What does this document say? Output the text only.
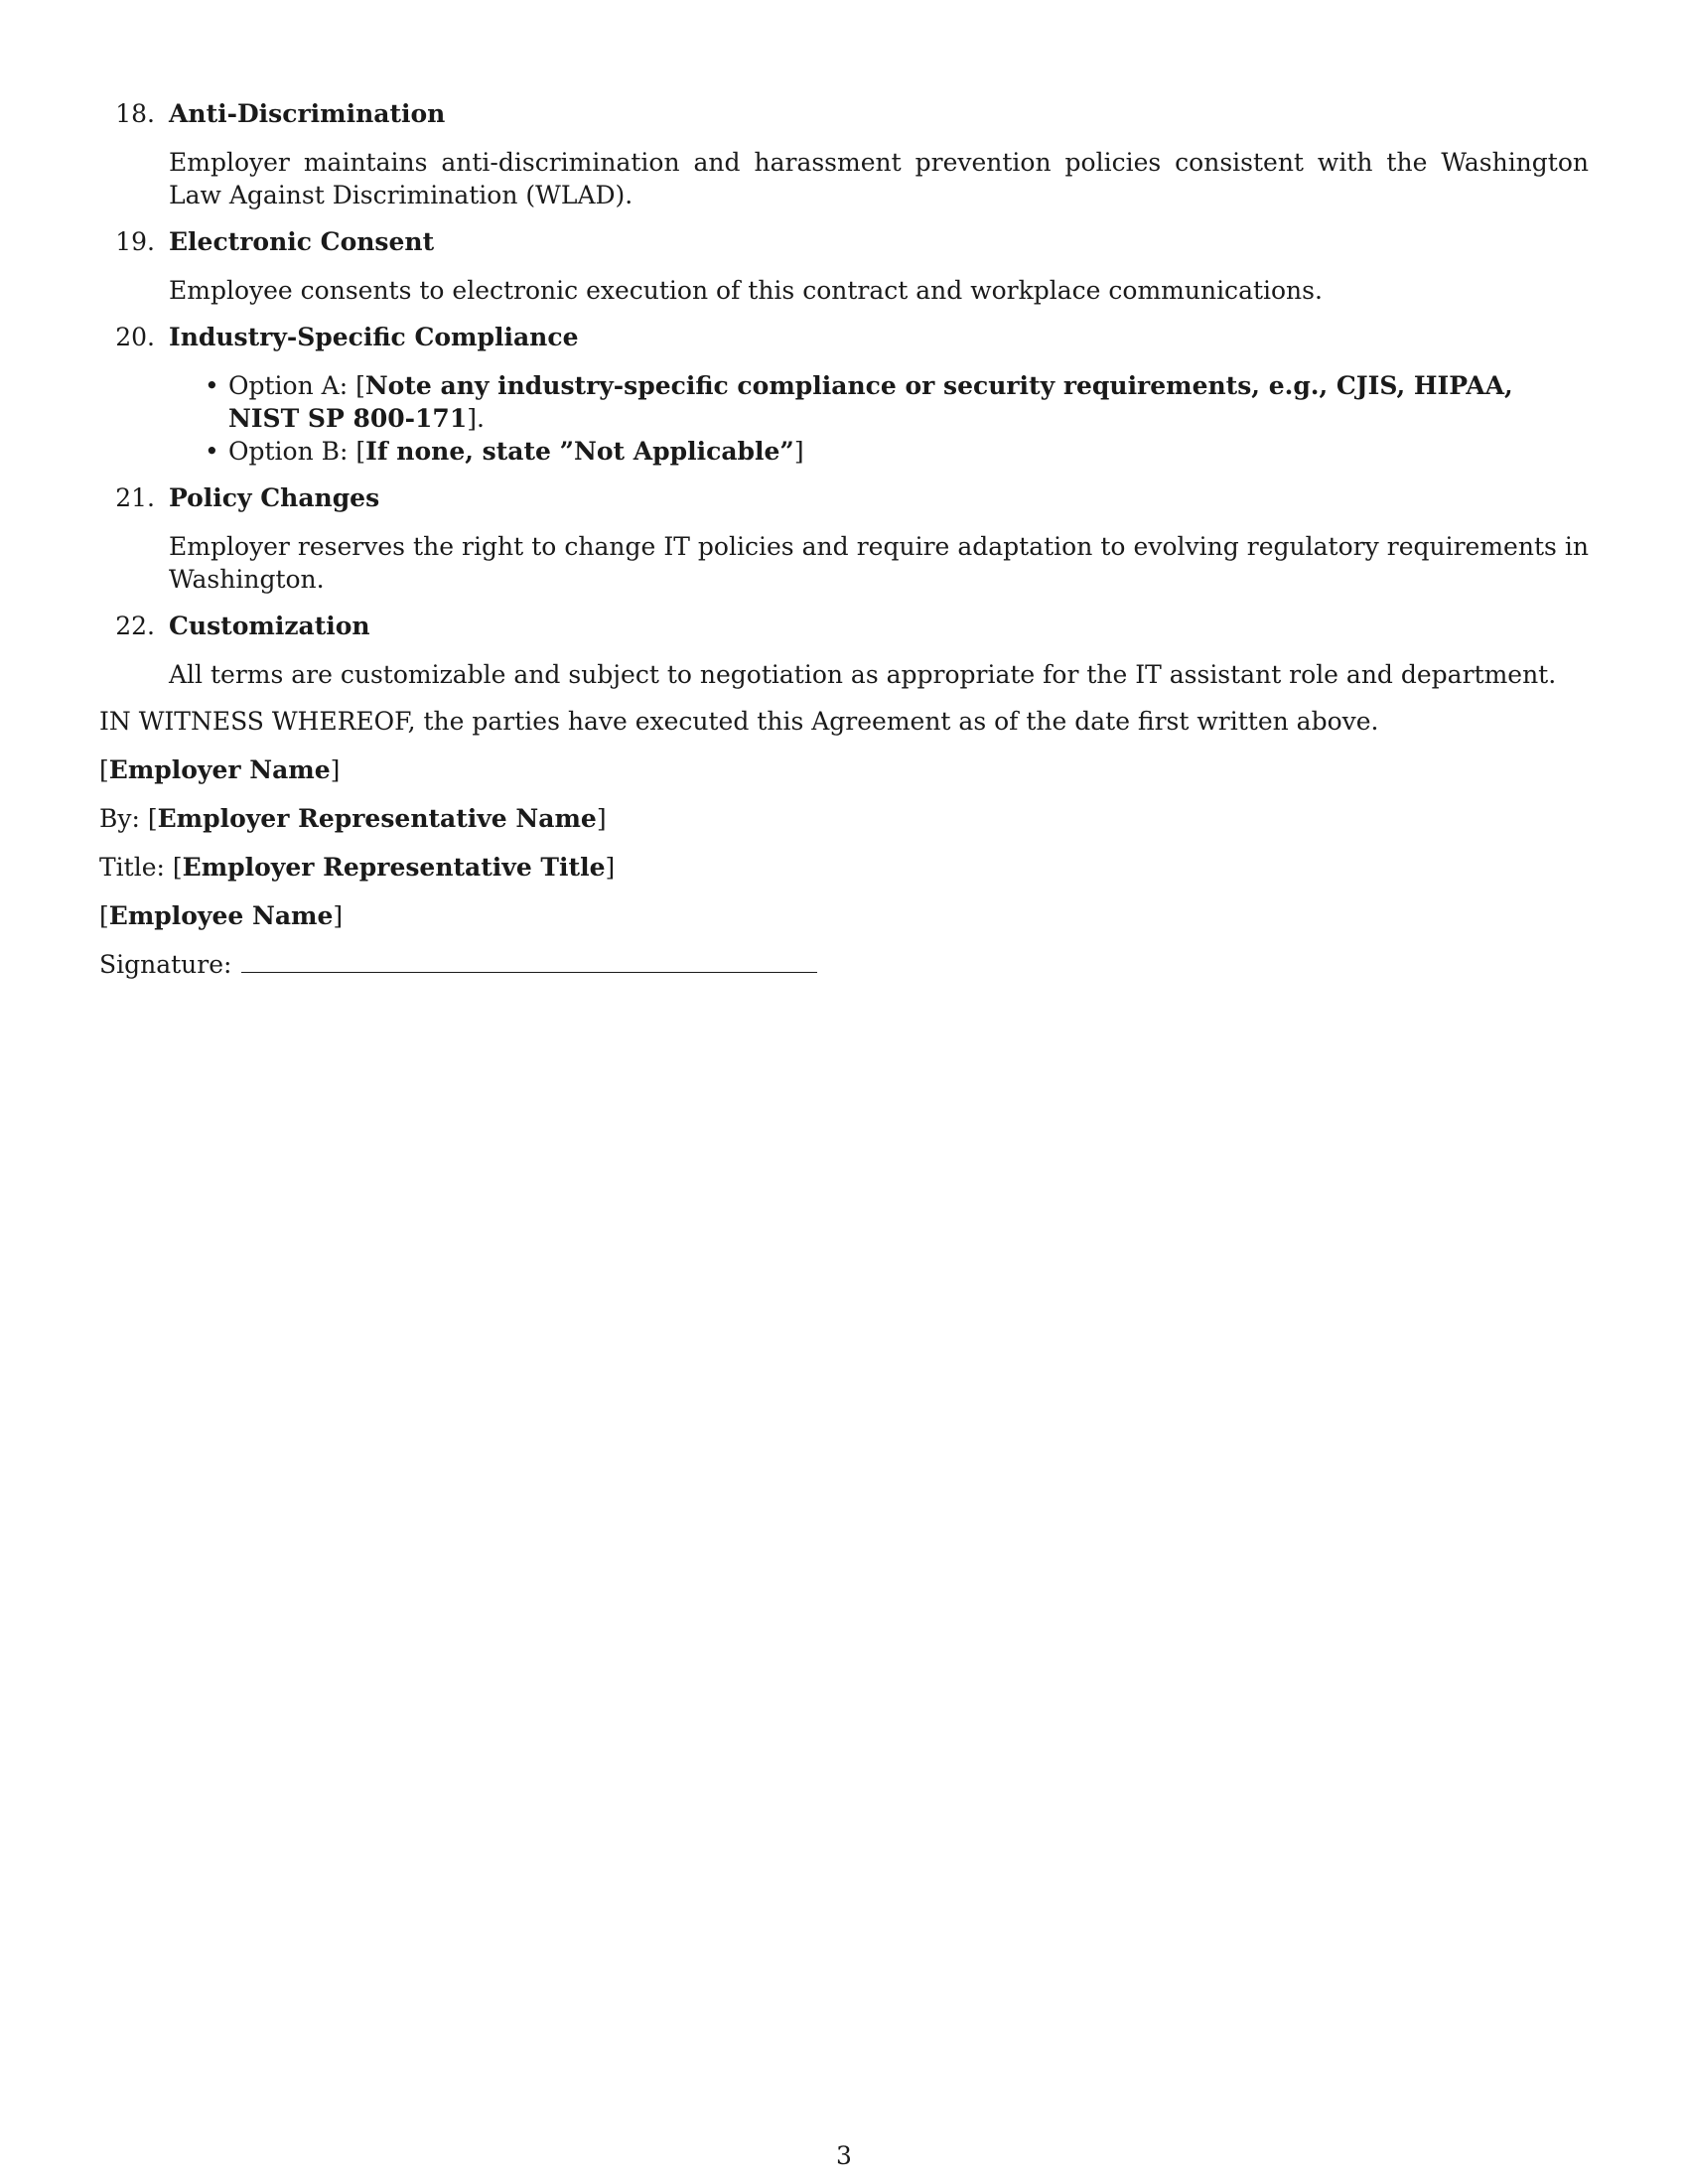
18. Anti-Discrimination
Employer maintains anti-discrimination and harassment prevention policies consistent with the Washington Law Against Discrimination (WLAD).
19. Electronic Consent
Employee consents to electronic execution of this contract and workplace communications.
20. Industry-Specific Compliance
• Option A: [Note any industry-specific compliance or security requirements, e.g., CJIS, HIPAA, NIST SP 800-171].
• Option B: [If none, state ”Not Applicable”]
21. Policy Changes
Employer reserves the right to change IT policies and require adaptation to evolving regulatory requirements in Washington.
22. Customization
All terms are customizable and subject to negotiation as appropriate for the IT assistant role and department.

IN WITNESS WHEREOF, the parties have executed this Agreement as of the date first written above.

[Employer Name]

By: [Employer Representative Name]

Title: [Employer Representative Title]

[Employee Name]

Signature:

3
